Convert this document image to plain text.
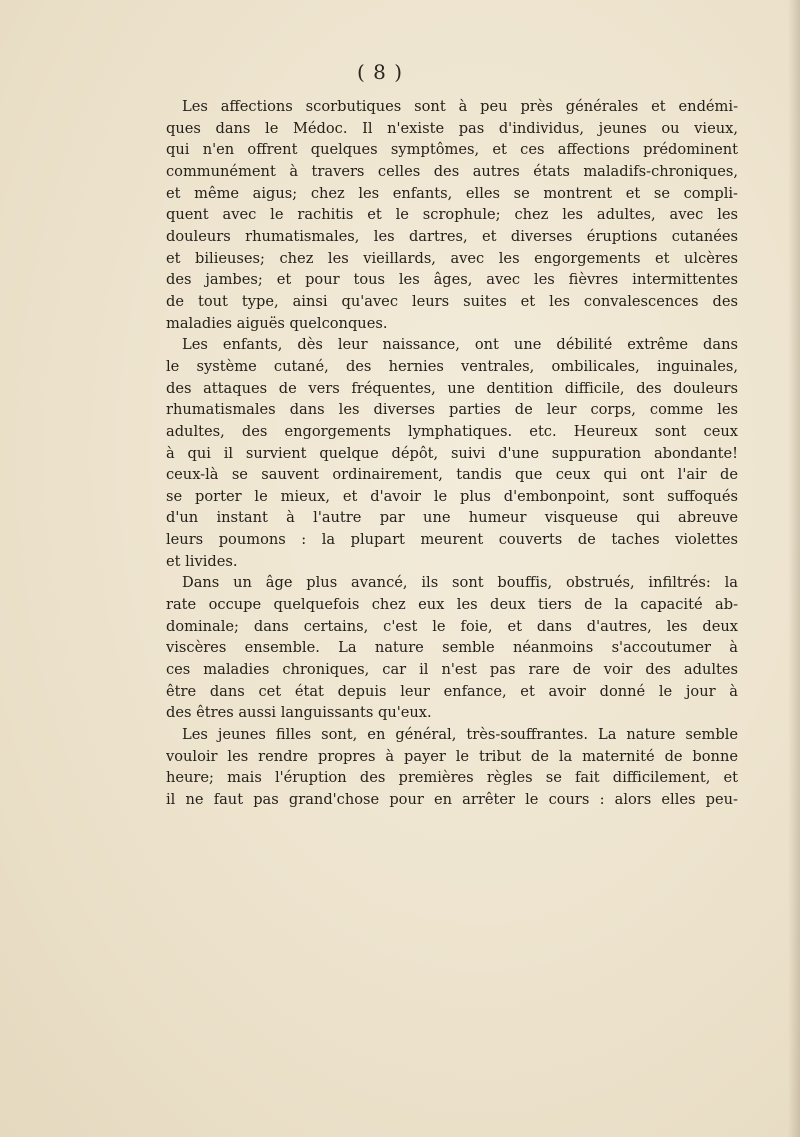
( 8 )
Les affections scorbutiques sont à peu près générales et endémi-
ques dans le Médoc. Il n'existe pas d'individus, jeunes ou vieux,
qui n'en offrent quelques symptômes, et ces affections prédominent
communément à travers celles des autres états maladifs-chroniques,
et même aigus; chez les enfants, elles se montrent et se compli-
quent avec le rachitis et le scrophule; chez les adultes, avec les
douleurs rhumatismales, les dartres, et diverses éruptions cutanées
et bilieuses; chez les vieillards, avec les engorgements et ulcères
des jambes; et pour tous les âges, avec les fièvres intermittentes
de tout type, ainsi qu'avec leurs suites et les convalescences des
maladies aiguës quelconques.
Les enfants, dès leur naissance, ont une débilité extrême dans
le système cutané, des hernies ventrales, ombilicales, inguinales,
des attaques de vers fréquentes, une dentition difficile, des douleurs
rhumatismales dans les diverses parties de leur corps, comme les
adultes, des engorgements lymphatiques. etc. Heureux sont ceux
à qui il survient quelque dépôt, suivi d'une suppuration abondante!
ceux-là se sauvent ordinairement, tandis que ceux qui ont l'air de
se porter le mieux, et d'avoir le plus d'embonpoint, sont suffoqués
d'un instant à l'autre par une humeur visqueuse qui abreuve
leurs poumons : la plupart meurent couverts de taches violettes
et livides.
Dans un âge plus avancé, ils sont bouffis, obstrués, infiltrés: la
rate occupe quelquefois chez eux les deux tiers de la capacité ab-
dominale; dans certains, c'est le foie, et dans d'autres, les deux
viscères ensemble. La nature semble néanmoins s'accoutumer à
ces maladies chroniques, car il n'est pas rare de voir des adultes
être dans cet état depuis leur enfance, et avoir donné le jour à
des êtres aussi languissants qu'eux.
Les jeunes filles sont, en général, très-souffrantes. La nature semble
vouloir les rendre propres à payer le tribut de la maternité de bonne
heure; mais l'éruption des premières règles se fait difficilement, et
il ne faut pas grand'chose pour en arrêter le cours : alors elles peu-
